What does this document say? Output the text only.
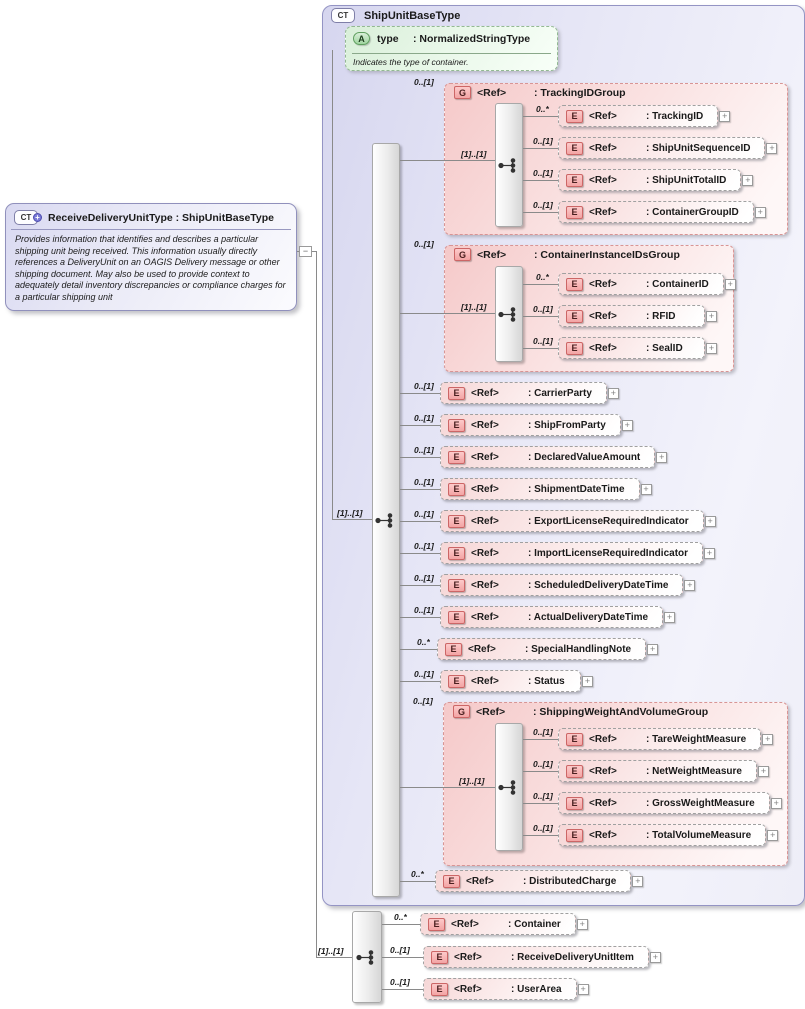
CT	ShipUnitBaseType
A	type	: NormalizedStringType
Indicates the type of container.
[1]..[1]
0..[1]
G	<Ref>	: TrackingIDGroup
[1]..[1]
0..*
E	<Ref>	: TrackingID	+
0..[1]
E	<Ref>	: ShipUnitSequenceID	+
0..[1]
E	<Ref>	: ShipUnitTotalID	+
0..[1]
E	<Ref>	: ContainerGroupID	+
0..[1]
G	<Ref>	: ContainerInstanceIDsGroup
[1]..[1]
0..*
E	<Ref>	: ContainerID	+
0..[1]
E	<Ref>	: RFID	+
0..[1]
E	<Ref>	: SealID	+
0..[1]
E	<Ref>	: CarrierParty	+
0..[1]
E	<Ref>	: ShipFromParty	+
0..[1]
E	<Ref>	: DeclaredValueAmount	+
0..[1]
E	<Ref>	: ShipmentDateTime	+
0..[1]
E	<Ref>	: ExportLicenseRequiredIndicator	+
0..[1]
E	<Ref>	: ImportLicenseRequiredIndicator	+
0..[1]
E	<Ref>	: ScheduledDeliveryDateTime	+
0..[1]
E	<Ref>	: ActualDeliveryDateTime	+
0..*
E	<Ref>	: SpecialHandlingNote	+
0..[1]
E	<Ref>	: Status	+
0..[1]
G	<Ref>	: ShippingWeightAndVolumeGroup
[1]..[1]
0..[1]
E	<Ref>	: TareWeightMeasure	+
0..[1]
E	<Ref>	: NetWeightMeasure	+
0..[1]
E	<Ref>	: GrossWeightMeasure	+
0..[1]
E	<Ref>	: TotalVolumeMeasure	+
0..*
E	<Ref>	: DistributedCharge	+
CT + ReceiveDeliveryUnitType : ShipUnitBaseType
Provides information that identifies and describes a particular shipping unit being received. This information usually directly references a DeliveryUnit on an OAGIS Delivery message or other shipping document. May also be used to provide context to adequately detail inventory discrepancies or compliance charges for a particular shipping unit
−
[1]..[1]
0..*
E	<Ref>	: Container	+
0..[1]
E	<Ref>	: ReceiveDeliveryUnitItem	+
0..[1]
E	<Ref>	: UserArea	+
